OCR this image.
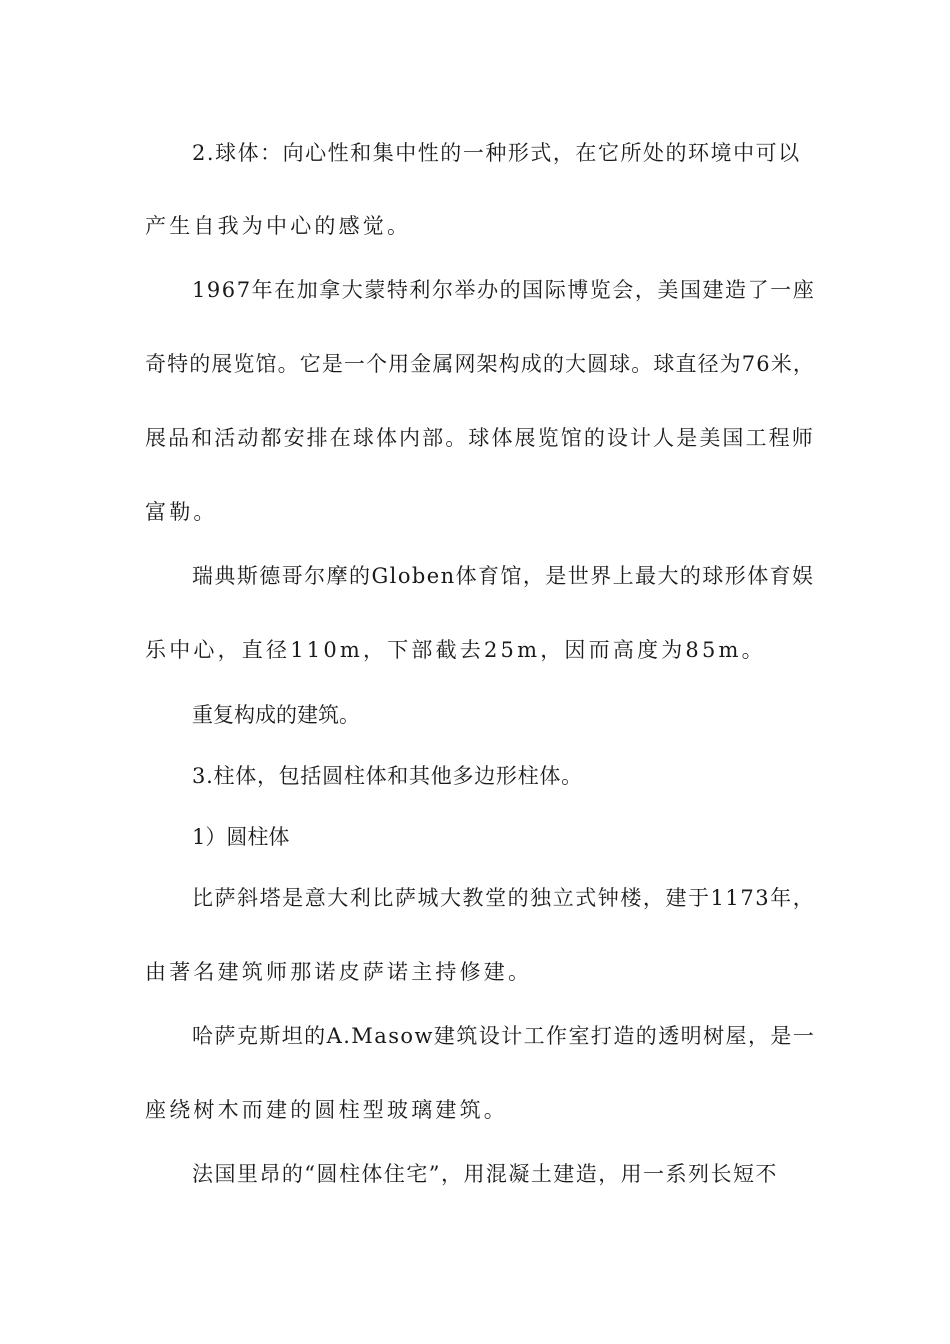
2.球体：向心性和集中性的一种形式，在它所处的环境中可以
产生自我为中心的感觉。
1967年在加拿大蒙特利尔举办的国际博览会，美国建造了一座
奇特的展览馆。它是一个用金属网架构成的大圆球。球直径为76米，
展品和活动都安排在球体内部。球体展览馆的设计人是美国工程师
富勒。
瑞典斯德哥尔摩的Globen体育馆，是世界上最大的球形体育娱
乐中心，直径110m，下部截去25m，因而高度为85m。
重复构成的建筑。
3.柱体，包括圆柱体和其他多边形柱体。
1）圆柱体
比萨斜塔是意大利比萨城大教堂的独立式钟楼，建于1173年，
由著名建筑师那诺皮萨诺主持修建。
哈萨克斯坦的A.Masow建筑设计工作室打造的透明树屋，是一
座绕树木而建的圆柱型玻璃建筑。
法国里昂的“圆柱体住宅”，用混凝土建造，用一系列长短不
